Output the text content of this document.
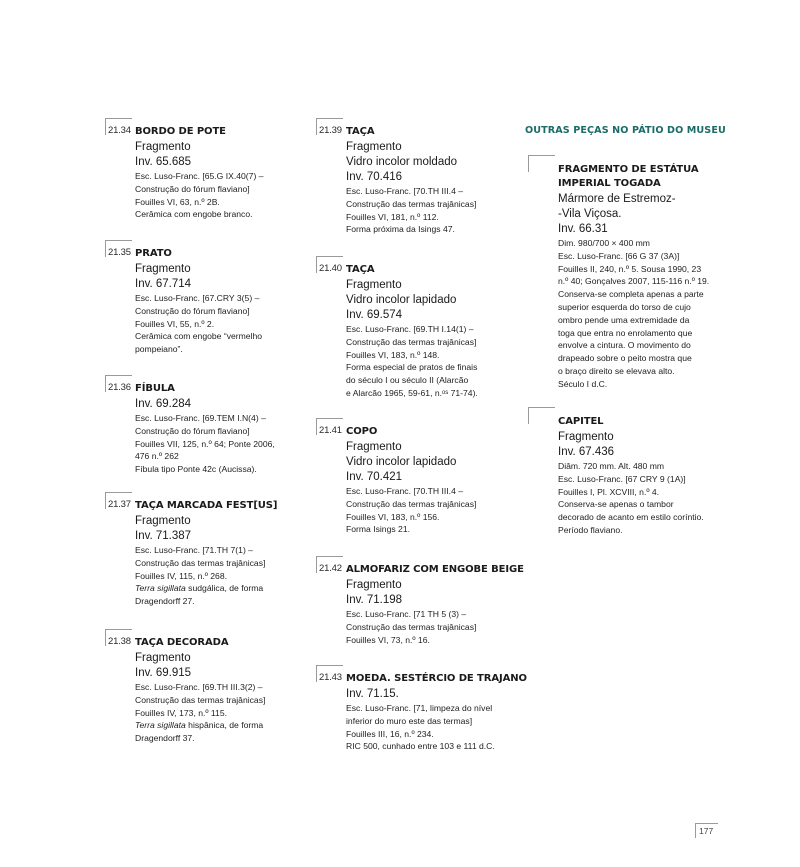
21.34 BORDO DE POTE
Fragmento
Inv. 65.685
Esc. Luso-Franc. [65.G IX.40(7) –
Construção do fórum flaviano]
Fouilles VI, 63, n.º 2B.
Cerâmica com engobe branco.
21.35 PRATO
Fragmento
Inv. 67.714
Esc. Luso-Franc. [67.CRY 3(5) –
Construção do fórum flaviano]
Fouilles VI, 55, n.º 2.
Cerâmica com engobe “vermelho
pompeiano”.
21.36 FÍBULA
Inv. 69.284
Esc. Luso-Franc. [69.TEM I.N(4) –
Construção do fórum flaviano]
Fouilles VII, 125, n.º 64; Ponte 2006,
476 n.º 262
Fíbula tipo Ponte 42c (Aucissa).
21.37 TAÇA MARCADA FEST[US]
Fragmento
Inv. 71.387
Esc. Luso-Franc. [71.TH 7(1) –
Construção das termas trajânicas]
Fouilles IV, 115, n.º 268.
Terra sigillata sudgálica, de forma
Dragendorff 27.
21.38 TAÇA DECORADA
Fragmento
Inv. 69.915
Esc. Luso-Franc. [69.TH III.3(2) –
Construção das termas trajânicas]
Fouilles IV, 173, n.º 115.
Terra sigillata hispânica, de forma
Dragendorff 37.
21.39 TAÇA
Fragmento
Vidro incolor moldado
Inv. 70.416
Esc. Luso-Franc. [70.TH III.4 –
Construção das termas trajânicas]
Fouilles VI, 181, n.º 112.
Forma próxima da Isings 47.
21.40 TAÇA
Fragmento
Vidro incolor lapidado
Inv. 69.574
Esc. Luso-Franc. [69.TH I.14(1) –
Construção das termas trajânicas]
Fouilles VI, 183, n.º 148.
Forma especial de pratos de finais
do século I ou século II (Alarcão
e Alarcão 1965, 59-61, n.ᵒˢ 71-74).
21.41 COPO
Fragmento
Vidro incolor lapidado
Inv. 70.421
Esc. Luso-Franc. [70.TH III.4 –
Construção das termas trajânicas]
Fouilles VI, 183, n.º 156.
Forma Isings 21.
21.42 ALMOFARIZ COM ENGOBE BEIGE
Fragmento
Inv. 71.198
Esc. Luso-Franc. [71 TH 5 (3) –
Construção das termas trajânicas]
Fouilles VI, 73, n.º 16.
21.43 MOEDA. SESTÉRCIO DE TRAJANO
Inv. 71.15.
Esc. Luso-Franc. [71, limpeza do nível
inferior do muro este das termas]
Fouilles III, 16, n.º 234.
RIC 500, cunhado entre 103 e 111 d.C.
OUTRAS PEÇAS NO PÁTIO DO MUSEU
FRAGMENTO DE ESTÁTUA IMPERIAL TOGADA
Mármore de Estremoz-
-Vila Viçosa.
Inv. 66.31
Dim. 980/700 × 400 mm
Esc. Luso-Franc. [66 G 37 (3A)]
Fouilles II, 240, n.º 5. Sousa 1990, 23
n.º 40; Gonçalves 2007, 115-116 n.º 19.
Conserva-se completa apenas a parte
superior esquerda do torso de cujo
ombro pende uma extremidade da
toga que entra no enrolamento que
envolve a cintura. O movimento do
drapeado sobre o peito mostra que
o braço direito se elevava alto.
Século I d.C.
CAPITEL
Fragmento
Inv. 67.436
Diâm. 720 mm. Alt. 480 mm
Esc. Luso-Franc. [67 CRY 9 (1A)]
Fouilles I, Pl. XCVIII, n.º 4.
Conserva-se apenas o tambor
decorado de acanto em estilo coríntio.
Período flaviano.
177
